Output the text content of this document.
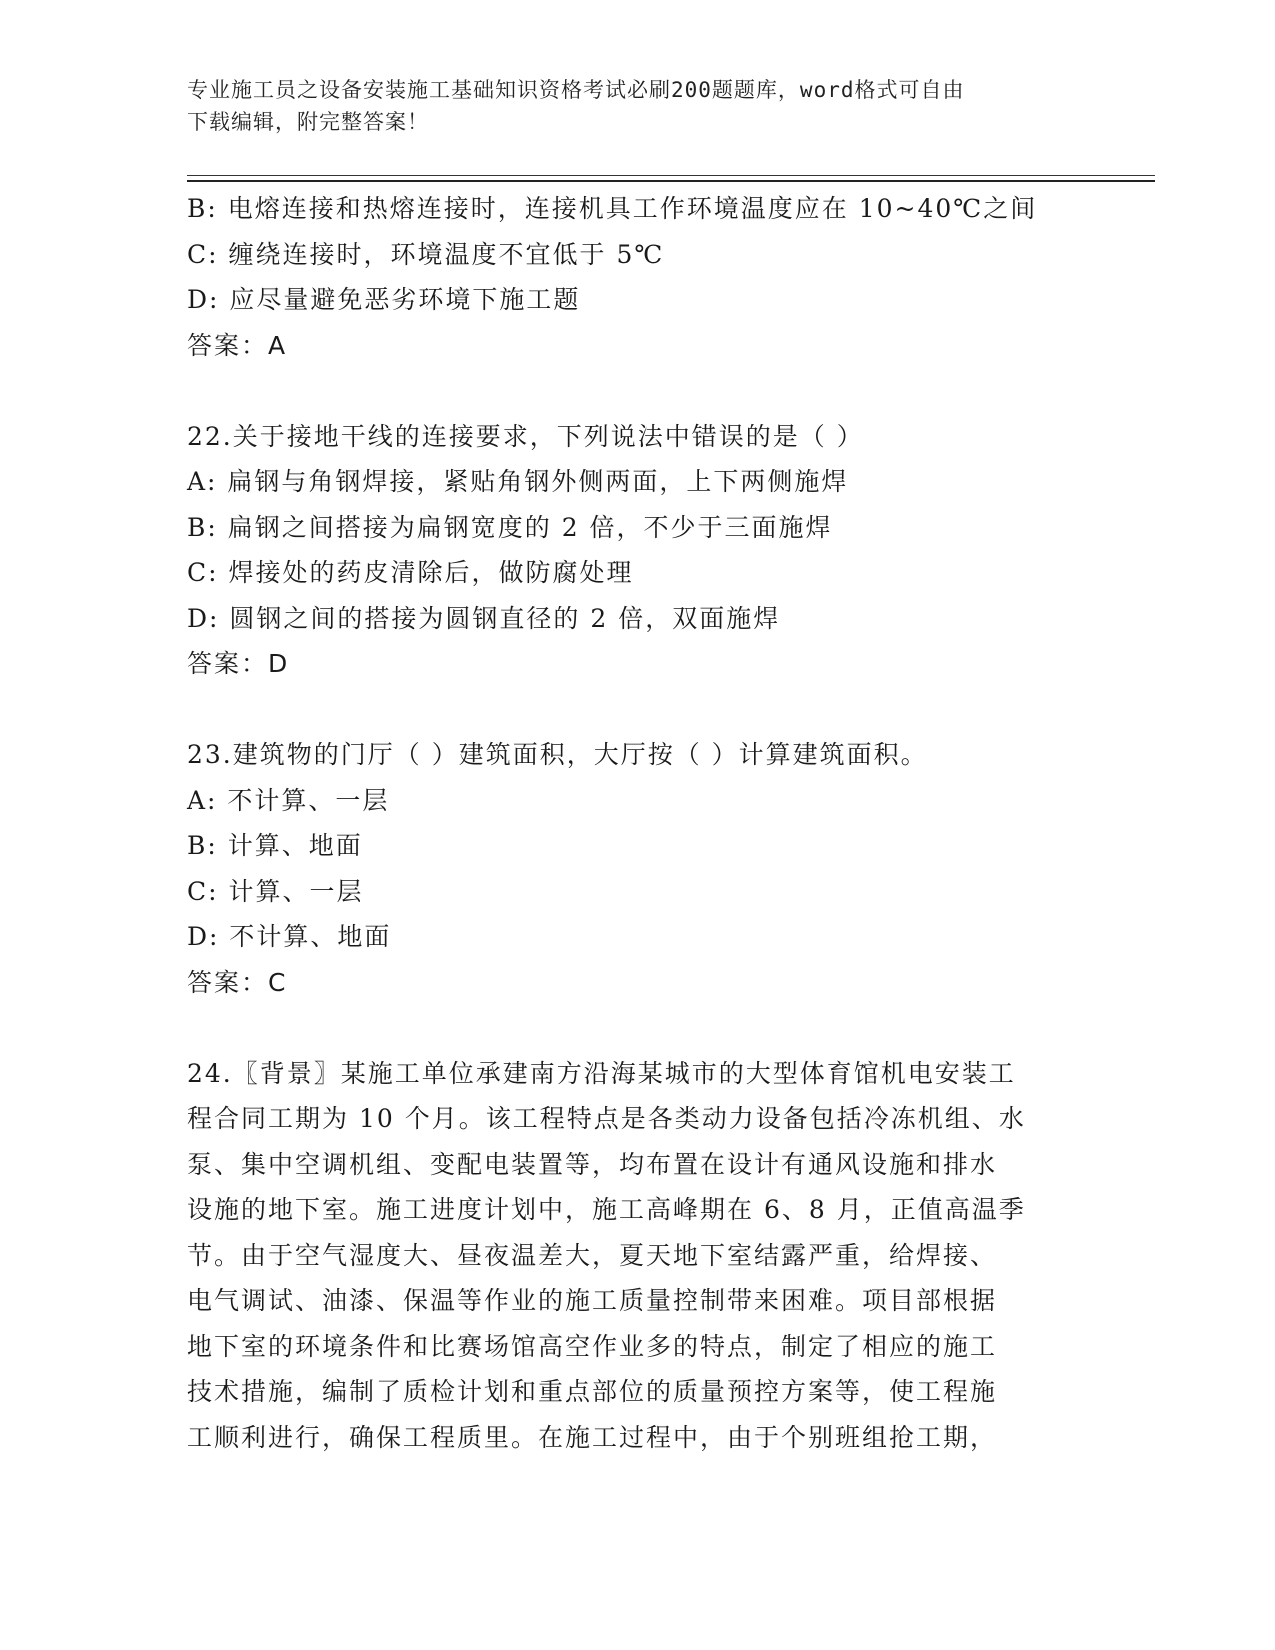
专业施工员之设备安装施工基础知识资格考试必刷200题题库，word格式可自由
下载编辑，附完整答案！
B: 电熔连接和热熔连接时，连接机具工作环境温度应在 10~40℃之间
C: 缠绕连接时，环境温度不宜低于 5℃
D: 应尽量避免恶劣环境下施工题
答案：A
22.关于接地干线的连接要求，下列说法中错误的是（ ）
A: 扁钢与角钢焊接，紧贴角钢外侧两面，上下两侧施焊
B: 扁钢之间搭接为扁钢宽度的 2 倍，不少于三面施焊
C: 焊接处的药皮清除后，做防腐处理
D: 圆钢之间的搭接为圆钢直径的 2 倍，双面施焊
答案：D
23.建筑物的门厅（ ）建筑面积，大厅按（ ）计算建筑面积。
A: 不计算、一层
B: 计算、地面
C: 计算、一层
D: 不计算、地面
答案：C
24.〖背景〗某施工单位承建南方沿海某城市的大型体育馆机电安装工
程合同工期为 10 个月。该工程特点是各类动力设备包括冷冻机组、水
泵、集中空调机组、变配电装置等，均布置在设计有通风设施和排水
设施的地下室。施工进度计划中，施工高峰期在 6、8 月，正值高温季
节。由于空气湿度大、昼夜温差大，夏天地下室结露严重，给焊接、
电气调试、油漆、保温等作业的施工质量控制带来困难。项目部根据
地下室的环境条件和比赛场馆高空作业多的特点，制定了相应的施工
技术措施，编制了质检计划和重点部位的质量预控方案等，使工程施
工顺利进行，确保工程质里。在施工过程中，由于个别班组抢工期，
